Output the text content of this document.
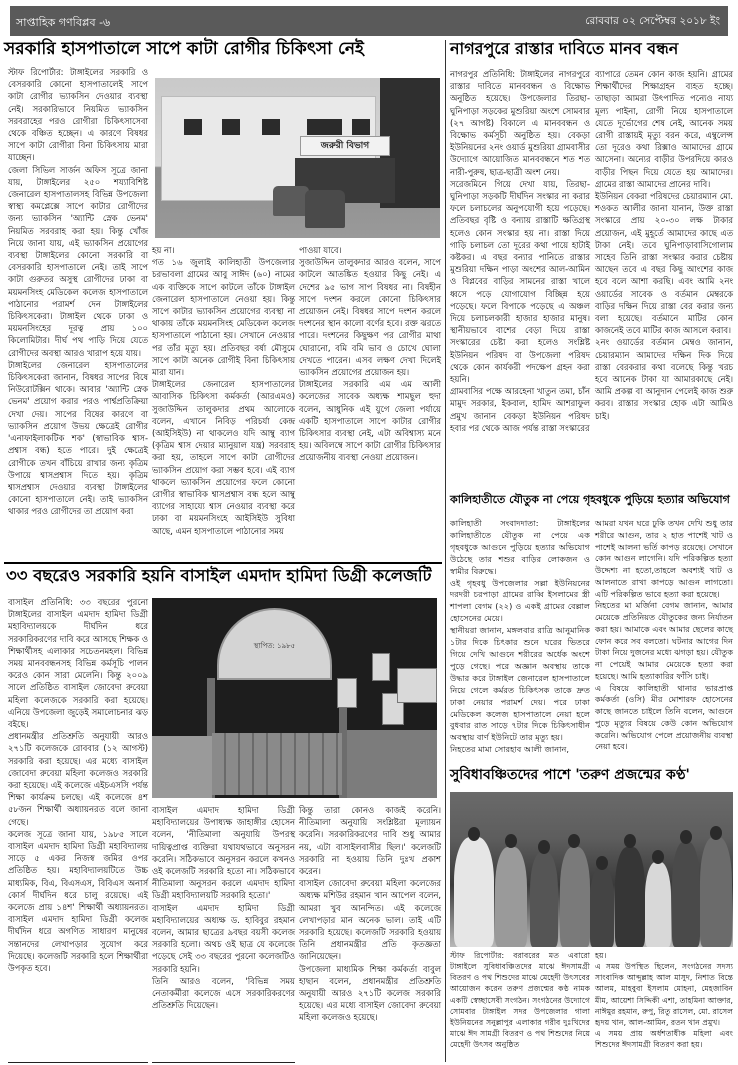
সাপ্তাহিক গণবিপ্লব -৬	রোববার ০২ সেপ্টেম্বর ২০১৮ ইং
সরকারি হাসপাতালে সাপে কাটা রোগীর চিকিৎসা নেই

স্টাফ রিপোর্টার: টাঙ্গাইলের সরকারি ও বেসরকারি কোনো হাসপাতালেই সাপে কাটা রোগীর ভ্যাকসিন দেওয়ার ব্যবস্থা নেই। সরকারিভাবে নিয়মিত ভ্যাকসিন সরবরাহের পরও রোগীরা চিকিৎসাসেবা থেকে বঞ্চিত হচ্ছেন। এ কারণে বিষধর সাপে কাটা রোগীরা বিনা চিকিৎসায় মারা যাচ্ছেন।

জেলা সিভিল সার্জন অফিস সূত্রে জানা যায়, টাঙ্গাইলের ২৫০ শয্যাবিশিষ্ট জেনারেল হাসপাতালসহ বিভিন্ন উপজেলা স্বাস্থ্য কমপ্লেক্সে সাপে কাটার রোগীদের জন্য ভ্যাকসিন 'অ্যান্টি স্নেক ভেনম' নিয়মিত সরবরাহ করা হয়। কিন্তু খোঁজ নিয়ে জানা যায়, এই ভ্যাকসিন প্রয়োগের ব্যবস্থা টাঙ্গাইলের কোনো সরকারি বা বেসরকারি হাসপাতালে নেই। তাই সাপে কাটা গুরুতর অসুস্থ রোগীদের ঢাকা বা ময়মনসিংহ মেডিকেল কলেজ হাসপাতালে পাঠানোর পরামর্শ দেন টাঙ্গাইলের চিকিৎসকেরা। টাঙ্গাইল থেকে ঢাকা ও ময়মনসিংহের দূরত্ব প্রায় ১০০ কিলোমিটার। দীর্ঘ পথ পাড়ি দিয়ে যেতে রোগীদের অবস্থা আরও খারাপ হয়ে যায়।

টাঙ্গাইলের জেনারেল হাসপাতালের চিকিৎসকেরা জানান, বিষধর সাপের বিষে নিউরোটক্সিন থাকে। আবার 'অ্যান্টি স্নেক ভেনম' প্রয়োগ করার পরও পার্শ্বপ্রতিক্রিয়া দেখা দেয়। সাপের বিষের কারণে বা ভ্যাকসিন প্রয়োগ উভয় ক্ষেত্রেই রোগীর 'এনাফাইলাকটিক শক' (স্বাভাবিক শ্বাস-প্রশ্বাস বন্ধ) হতে পারে। দুই ক্ষেত্রেই রোগীকে তখন বাঁচিয়ে রাখার জন্য কৃত্রিম উপায়ে শ্বাসপ্রশ্বাস দিতে হয়। কৃত্রিম শ্বাসপ্রশ্বাস দেওয়ার ব্যবস্থা টাঙ্গাইলের কোনো হাসপাতালে নেই। তাই ভ্যাকসিন থাকার পরও রোগীদের তা প্রয়োগ করা

জরুরী বিভাগ

হয় না।

গত ১৬ জুলাই কালিহাতী উপজেলার চরভাবলা গ্রামের আবু সাঈদ (৬০) নামের এক ব্যক্তিকে সাপে কাটলে তাঁকে টাঙ্গাইল জেনারেল হাসপাতালে নেওয়া হয়। কিন্তু সাপে কাটার ভ্যাকসিন প্রয়োগের ব্যবস্থা না থাকায় তাঁকে ময়মনসিংহ মেডিকেল কলেজ হাসপাতালে পাঠানো হয়। সেখানে নেওয়ার পর তাঁর মৃত্যু হয়। প্রতিবছর বর্ষা মৌসুমে সাপে কাটা অনেক রোগীই বিনা চিকিৎসায় মারা যান।

টাঙ্গাইলের জেনারেল হাসপাতালের আবাসিক চিকিৎসা কর্মকর্তা (আরএমও) সুজাউদ্দিন তালুকদার প্রথম আলোকে বলেন, এখানে নিবিড় পরিচর্যা কেন্দ্র (আইসিইউ) না থাকলেও যদি আম্বু ব্যাগ (কৃত্রিম শ্বাস দেয়ার ম্যানুয়াল যন্ত্র) সরবরাহ করা হয়, তাহলে সাপে কাটা রোগীদের ভ্যাকসিন প্রয়োগ করা সম্ভব হবে। এই ব্যাগ থাকলে ভ্যাকসিন প্রয়োগের ফলে কোনো রোগীর স্বাভাবিক শ্বাসপ্রশ্বাস বন্ধ হলে আম্বু ব্যাগের সাহায্যে শ্বাস নেওয়ার ব্যবস্থা করে ঢাকা বা ময়মনসিংহে আইসিইউ সুবিধা আছে, এমন হাসপাতালে পাঠানোর সময়

পাওয়া যাবে।

সুজাউদ্দিন তালুকদার আরও বলেন, সাপে কাটলে আতঙ্কিত হওয়ার কিছু নেই। এ দেশের ৯৫ ভাগ সাপ বিষধর না। বিষহীন সাপে দংশন করলে কোনো চিকিৎসার প্রয়োজন নেই। বিষধর সাপে দংশন করলে দংশনের স্থান কালো বর্ণের হবে। রক্ত ঝরতে পারে। দংশনের কিছুক্ষণ পর রোগীর মাথা ঘোরানো, বমি বমি ভাব ও চোখে ঘোলা দেখতে পারেন। এসব লক্ষণ দেখা দিলেই ভ্যাকসিন প্রয়োগের প্রয়োজন হয়।

টাঙ্গাইলের সরকারি এম এম আলী কলেজের সাবেক অধ্যক্ষ শামছুল হুদা বলেন, আধুনিক এই যুগে জেলা পর্যায়ে একটি হাসপাতালে সাপে কাটার রোগীর চিকিৎসার ব্যবস্থা নেই, এটা অবিশ্বাস্য মনে হয়। অবিলম্বে সাপে কাটা রোগীর চিকিৎসার প্রয়োজনীয় ব্যবস্থা নেওয়া প্রয়োজন।

নাগরপুরে রাস্তার দাবিতে মানব বন্ধন

নাগরপুর প্রতিনিধি: টাঙ্গাইলের নাগরপুরে রাস্তার দাবিতে মানববন্ধন ও বিক্ষোভ অনুষ্ঠিত হয়েছে। উপজেলার তিরছা-ঘুনিপাড়া সড়কের মুশুরিয়া অংশে সোমবার (২৭ আগষ্ট) বিকালে এ মানববন্ধন ও বিক্ষোভ কর্মসূচী অনুষ্ঠিত হয়। বেকড়া ইউনিয়নের ২নং ওয়ার্ড মুশুরিয়া গ্রামবাসীর উদ্যোগে আয়োজিত মানববন্ধনে শত শত নারী-পুরুষ, ছাত্র-ছাত্রী অংশ নেয়।

সরেজমিনে গিয়ে দেখা যায়, তিরছা-ঘুনিপাড়া সড়কটি দীর্ঘদিন সংস্কার না করার ফলে চলাচলের অনুপযোগী হয়ে পড়েছে। প্রতিবছর বৃষ্টি ও বন্যায় রাস্তাটি ক্ষতিগ্রস্থ হলেও কোন সংস্কার হয় না। রাস্তা দিয়ে গাড়ি চলাচল তো দূরের কথা পায়ে হাটাই কষ্টকর। এ বছর বন্যার পানিতে রাস্তার মুশুরিয়া দক্ষিন পাড়া অংশের আল-আমিন ও বিপ্লবের বাড়ির সামনের রাস্তা খালে ধ্বসে পড়ে যোগাযোগ বিচ্ছিন্ন হয়ে পড়েছে। ফলে বিপাকে পড়েছে এ অঞ্চল দিয়ে চলাচলকারী হাজার হাজার মানুষ। স্থানীয়ভাবে বাশের বেড়া দিয়ে রাস্তা সংস্কারের চেষ্টা করা হলেও সংশ্লিষ্ট ইউনিয়ন পরিষদ বা উপজেলা পরিষদ থেকে কোন কার্যকরী পদক্ষেপ গ্রহন করা হয়নি।

গ্রামবাসির পক্ষে আরহেনা খাতুন তমা, চাঁন মামুদ সরকার, ইকবাল, হামিদ আশরাফুল প্রমুখ জানান বেকড়া ইউনিয়ন পরিষদ হবার পর থেকে আজ পর্যন্ত রাস্তা সংস্কারের

ব্যাপারে তেমন কোন কাজ হয়নি। গ্রামের শিক্ষার্থীদের শিক্ষাগ্রহন ব্যহত হচ্ছে। তাছাড়া আমরা উৎপাদিত পন্যেও নায্য মূল্য পাইনা, রোগী নিয়ে হাসপাতালে যেতে দূর্ভোগের শেষ নেই, আনেক সময় রোগী রাস্তায়ই মৃত্যু বরন করে, এম্বুলেন্স তো দূরেও কথা রিক্সাও আমাদের গ্রামে আসেনা। অন্যের বাড়ীর উপরদিয়ে কারও বাড়ীর পিছন দিয়ে যেতে হয় আমাদের। গ্রামের রাস্তা আমাদের প্রানের দাবি।

ইউনিয়ন বেকরা পরিষদের চেয়ারম্যান মো. শওকত আলীর জানা যানান, উক্ত রাস্তা সংস্কারে প্রায় ২০-৩০ লক্ষ টাকার প্রয়োজন, এই মুহূর্তে আমাদের কাছে এত টাকা নেই। তবে ঘুনিপাড়াবাসিগোলাম সাহেব তিনি রাস্তা সংস্কার করার চেষ্টায় আছেন তবে এ বছর কিছু আংশের কাজ হবে বলে আশা করছি। এবং আমি ২নং ওয়ার্ডের সাবেক ও বর্তমান মেম্বরকে বাড়ির দক্ষিন দিয়ে রাস্তা বের করার জন্য বলা হয়েছে। বর্তমানে মাটির কোন কাজনেই তবে মাটির কাজ আসলে করাব।

২নং ওয়ার্ডের বর্তমান মেম্বও জানান, চেয়ারম্যান আমাদের দক্ষিন দিক দিয়ে রাস্তা বেরকরার কথা বলেছে কিন্তু খরচ হবে আনেক টাকা যা আমারকাছে নেই। আমি প্রকল্প বা আনুদান পেলেই কাজ শুরু করব। রাস্তার সংস্কার হোক এটা আমিও চাই।

কালিহাতীতে যৌতুক না পেয়ে গৃহবধুকে পুড়িয়ে হত্যার অভিযোগ

কালিহাতী সংবাদদাতা: টাঙ্গাইলের কালিহাতীতে যৌতুক না পেয়ে এক গৃহবধুকে আগুনে পুড়িয়ে হত্যার অভিযোগ উঠেছে তার শশুর বাড়ির লোকজন ও স্বামীর বিরুদ্ধে।

ওই গৃহবধু উপজেলার সল্লা ইউনিয়নের দরদরী চরপাড়া গ্রামের রাব্বি ইসলামের স্ত্রী শাপলা বেগম (২২) ও একই গ্রামের বেল্লাল হোসেনের মেয়ে।

স্থানীয়রা জানান, মঙ্গলবার রাত্রি আনুমানিক ১টার দিকে চিৎকার শুনে ঘরের ভিতরে গিয়ে দেখি আগুনে শরীরের অর্ধেক অংশে পুড়ে গেছে। পরে অজ্ঞান অবস্থায় তাকে উদ্ধার করে টাঙ্গাইল জেনারেল হাসপাতালে নিয়ে গেলে কর্মরত চিকিৎসক তাকে দ্রুত ঢাকা নেয়ার পরামর্শ দেয়। পরে ঢাকা মেডিকেল কলেজ হাসপাতালে নেয়া হলে বুধবার রাত সাড়ে ৭টার দিকে চিকিৎসাধীন অবস্থায় বার্ণ ইউনিটে তার মৃত্যু হয়।

নিহতের মামা সোরহাব আলী জানান,

আমরা যখন ঘরে ঢুকি তখন দেখি শুধু তার শরীরে আগুন, তার ২ হাত পাশেই খাট ও পাশেই আলনা ভর্তি কাপড় রয়েছে। সেখানে কোন আগুন লাগেনি। যদি পরিকল্পিত হত্যা উদ্দেশ্য না হতো,তাহলে অবশ্যই খাট ও আলনাতে রাখা কাপড়ে আগুন লাগতো। এটি পরিকল্পিত ভাবে হত্যা করা হয়েছে।

নিহতের মা মর্জিনা বেগম জানান, আমার মেয়েকে প্রতিনিয়ত যৌতুকের জন্য নির্যাতন করা হয়। আমাকে এবং আমার ছেলের কাছে ফোন করে সব বলতো। ঘটনার আগের দিন টাকা নিয়ে দুজনের মধ্যে ঝগড়া হয়। যৌতুক না পেয়েই আমার মেয়েকে হত্যা করা হয়েছে। আমি হত্যাকারির ফাঁসি চাই।

এ বিষয়ে কালিহাতী থানার ভারপ্রাপ্ত কর্মকর্তা (ওসি) মীর মোশারফ হোসেনের কাছে জানতে চাইলে তিনি বলেন, আগুনে পুড়ে মৃত্যুর বিষয়ে কেউ কোন অভিযোগ করেনি। অভিযোগ পেলে প্রয়োজনীয় ব্যবস্থা নেয়া হবে।

৩৩ বছরেও সরকারি হয়নি বাসাইল এমদাদ হামিদা ডিগ্রী কলেজটি

বাসাইল প্রতিনিধি: ৩৩ বছরের পুরনো টাঙ্গাইলের বাসাইল এমদাদ হামিদা ডিগ্রী মহাবিদ্যালয়কে দীর্ঘদিন ধরে সরকারিকরণের দাবি করে আসছে শিক্ষক ও শিক্ষার্থীসহ এলাকার সচেতনমহল। বিভিন্ন সময় মানববন্ধনসহ বিভিন্ন কর্মসূচি পালন করেও কোন সারা মেলেনি। কিন্তু ২০০৯ সালে প্রতিষ্ঠিত বাসাইল জোবেদা রুবেয়া মহিলা কলেজকে সরকারি করা হয়েছে। এনিয়ে উপজেলা জুড়েই সমালোচনার ঝড় বইছে।

প্রধানমন্ত্রীর প্রতিশ্রুতি অনুযায়ী আরও ২৭১টি কলেজকে রোববার (১২ আগস্ট) সরকারি করা হয়েছে। এর মধ্যে বাসাইল জোবেদা রুবেয়া মহিলা কলেজও সরকারি করা হয়েছে। এই কলেজে এইচএসসি পর্যন্ত শিক্ষা কার্যক্রম চলছে। এই কলেজে ৪শ ৫৮জন শিক্ষার্থী অধ্যায়নরত বলে জানা গেছে।

কলেজ সূত্রে জানা যায়, ১৯৮৫ সালে বাসাইল এমদাদ হামিদা ডিগ্রী মহাবিদ্যালয় সাড়ে ৫ একর নিজস্ব জমির ওপর প্রতিষ্ঠিত হয়। মহাবিদ্যালয়টিতে উচ্চ মাধ্যমিক, বিএ, বিএসএস, বিবিএস অনার্স কোর্স দীর্ঘদিন ধরে চালু রয়েছে। এই কলেজে প্রায় ১৪শ' শিক্ষার্থী অধ্যায়নরত। বাসাইল এমদাদ হামিদা ডিগ্রী কলেজ দীর্ঘদিন ধরে অগণিত সাধারণ মানুষের সন্তানদের লেখাপড়ার সুযোগ করে দিয়েছে। কলেজটি সরকারি হলে শিক্ষার্থীরা উপকৃত হবে।

স্থাপিত: ১৯৮৫

বাসাইল এমদাদ হামিদা ডিগ্রী মহাবিদ্যালয়ের উপাধ্যক্ষ জাহাঙ্গীর হোসেন বলেন, 'নীতিমালা অনুযায়ি উপরস্থ দায়িত্বপ্রাপ্ত ব্যক্তিরা যথাযথভাবে অনুসরন করেনি। সঠিকভাবে অনুসরন করলে কখনও ওই কলেজটি সরকারি হতো না। সঠিকভাবে নীতিমালা অনুসরন করলে এমদাদ হামিদা ডিগ্রী মহাবিদ্যালয়টি সরকারি হতো।'

বাসাইল এমদাদ হামিদা ডিগ্রী মহাবিদ্যালয়ের অধ্যক্ষ ড. হাবিবুর রহমান বলেন, আমার ছাত্রের ৯বছর বয়সী কলেজ সরকারি হলো। অথচ ওই ছাত্র যে কলেজে পড়েছে সেই ৩৩ বছরের পুরনো কলেজটিও সরকারি হয়নি।

তিনি আরও বলেন, 'বিভিন্ন সময় নেতাকর্মীরা কলেজে এসে সরকারিকরণের প্রতিশ্রুতি দিয়েছেন।

কিন্তু তারা কোনও কাজই করেনি। নীতিমালা অনুযায়ি সংশ্লিষ্টরা মূল্যায়ন করেনি। সরকারিকরণের দাবি শুধু আমার নয়, এটা বাসাইলবাসীর ছিল।' কলেজটি সরকারি না হওয়ায় তিনি দুঃখ প্রকাশ করেন।

বাসাইল জোবেদা রুবেয়া মহিলা কলেজের অধ্যক্ষ মশিউর রহমান খান আপেল বলেন, আমরা খুব আনন্দিত। এই কলেজে লেখাপড়ার মান অনেক ভাল। তাই এটি সরকারি হয়েছে। কলেজটি সরকারি হওয়ায় তিনি প্রধানমন্ত্রীর প্রতি কৃতজ্ঞতা জানিয়েছেন।

উপজেলা মাধ্যমিক শিক্ষা কর্মকর্তা বাবুল হাছান বলেন, প্রধানমন্ত্রীর প্রতিশ্রুতি অনুযায়ী আরও ২৭১টি কলেজ সরকারি হয়েছে। এর মধ্যে বাসাইল জোবেদা রুবেয়া মহিলা কলেজও হয়েছে।

সুবিধাবঞ্চিতদের পাশে 'তরুণ প্রজন্মের কণ্ঠ'

স্টাফ রিপোর্টার: বরাবরের মত এবারো টাঙ্গাইলে সুবিধাবঞ্চিতদের মাঝে ঈদসামগ্রী বিতরণ ও পথ শিশুদের মাঝে মেহেদী উৎসবের আয়োজন করেন তরুণ প্রজন্মের কণ্ঠ নামক একটি স্বেচ্ছাসেবী সংগঠন। সংগঠনের উদ্যোগে সোমবার টাঙ্গাইল সদর উপজেলার গালা ইউনিয়নের সনুল্লাপুর এলাকার গরীব দুঃখিদের মাঝে ঈদ সামগ্রী বিতরণ ও পথ শিশুদের নিয়ে মেহেদী উৎসব অনুষ্ঠিত

হয়।

এ সময় উপস্থিত ছিলেন, সংগঠনের সদস্য সাংবাদিক আব্দুল্লাহ আল মাসুদ, নিশাত বিন্তে আলম, মাহবুবা ইসলাম মোহনা, মেহজাবিন মীম, আয়েশা সিদ্দিকী এশা, তাহমিনা আক্তার, নাঈমুর রহমান, রুপু, রিতু রাসেল, মো. রাসেল হৃদয় খান, আল-আমিন, রতন খান প্রমুখ।

এ সময় প্রায় অর্ধশতাধীক মহিলা এবং শিশুদের ঈদসামগ্রী বিতরণ করা হয়।
